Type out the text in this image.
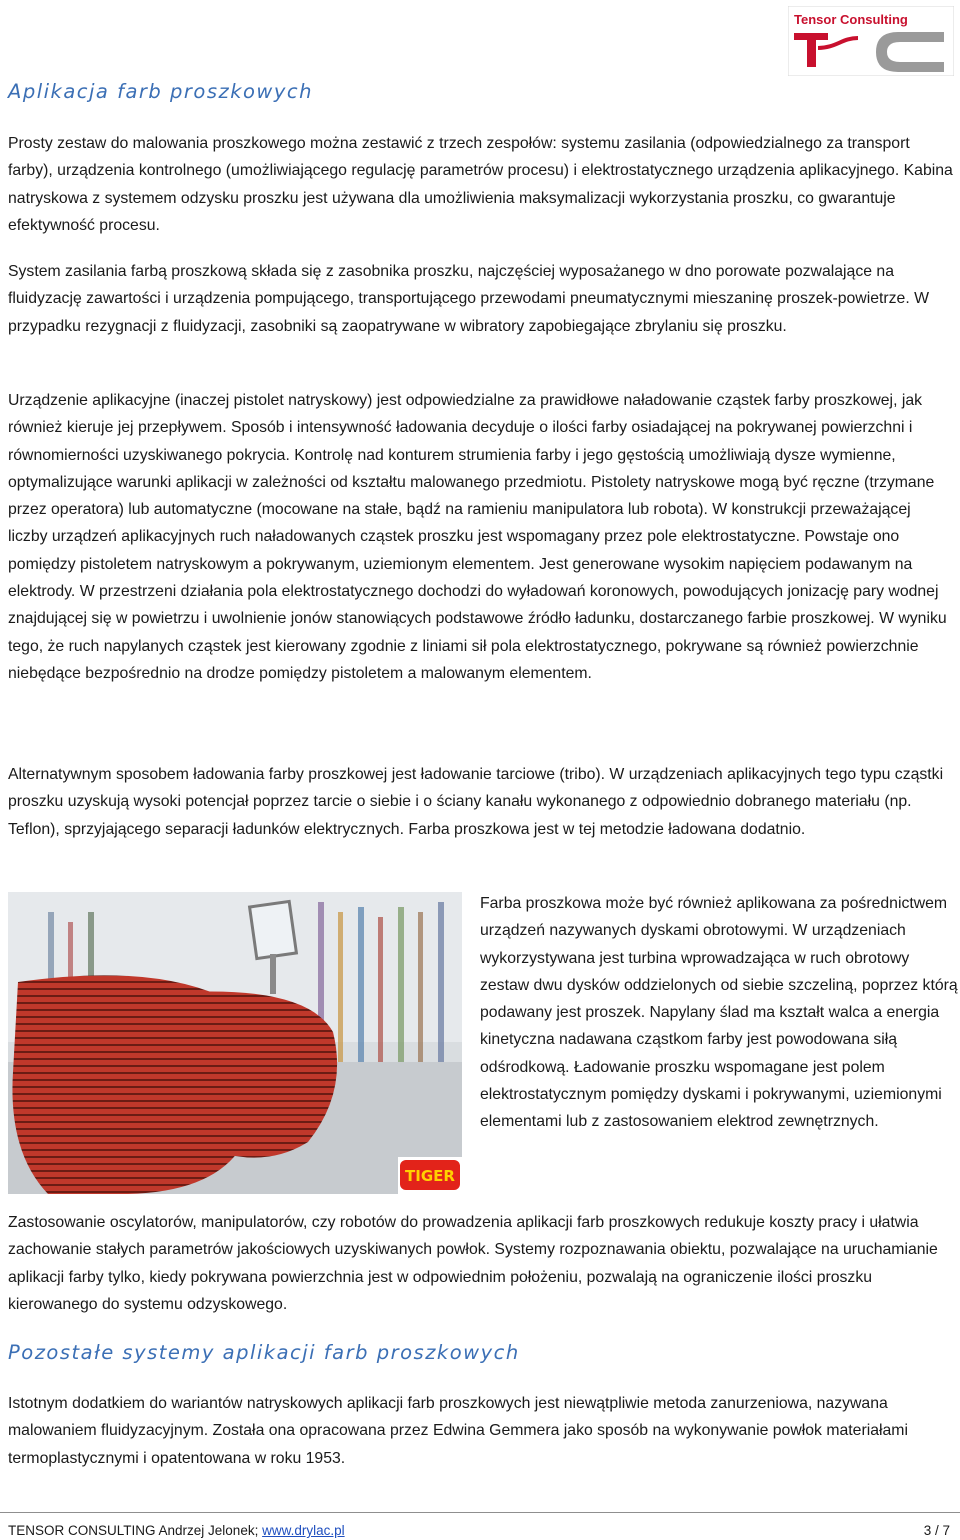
Tensor Consulting
Aplikacja farb proszkowych

Prosty zestaw do malowania proszkowego można zestawić z trzech zespołów: systemu zasilania (odpowiedzialnego za transport farby), urządzenia kontrolnego (umożliwiającego regulację parametrów procesu) i elektrostatycznego urządzenia aplikacyjnego. Kabina natryskowa z systemem odzysku proszku jest używana dla umożliwienia maksymalizacji wykorzystania proszku, co gwarantuje efektywność procesu.

System zasilania farbą proszkową składa się z zasobnika proszku, najczęściej wyposażanego w dno porowate pozwalające na fluidyzację zawartości i urządzenia pompującego, transportującego przewodami pneumatycznymi mieszaninę proszek-powietrze. W przypadku rezygnacji z fluidyzacji, zasobniki są zaopatrywane w wibratory zapobiegające zbrylaniu się proszku.

Urządzenie aplikacyjne (inaczej pistolet natryskowy) jest odpowiedzialne za prawidłowe naładowanie cząstek farby proszkowej, jak również kieruje jej przepływem. Sposób i intensywność ładowania decyduje o ilości farby osiadającej na pokrywanej powierzchni i równomierności uzyskiwanego pokrycia. Kontrolę nad konturem strumienia farby i jego gęstością umożliwiają dysze wymienne, optymalizujące warunki aplikacji w zależności od kształtu malowanego przedmiotu. Pistolety natryskowe mogą być ręczne (trzymane przez operatora) lub automatyczne (mocowane na stałe, bądź na ramieniu manipulatora lub robota). W konstrukcji przeważającej liczby urządzeń aplikacyjnych ruch naładowanych cząstek proszku jest wspomagany przez pole elektrostatyczne. Powstaje ono pomiędzy pistoletem natryskowym a pokrywanym, uziemionym elementem. Jest generowane wysokim napięciem podawanym na elektrody. W przestrzeni działania pola elektrostatycznego dochodzi do wyładowań koronowych, powodujących jonizację pary wodnej znajdującej się w powietrzu i uwolnienie jonów stanowiących podstawowe źródło ładunku, dostarczanego farbie proszkowej. W wyniku tego, że ruch napylanych cząstek jest kierowany zgodnie z liniami sił pola elektrostatycznego, pokrywane są również powierzchnie niebędące bezpośrednio na drodze pomiędzy pistoletem a malowanym elementem.

Alternatywnym sposobem ładowania farby proszkowej jest ładowanie tarciowe (tribo). W urządzeniach aplikacyjnych tego typu cząstki proszku uzyskują wysoki potencjał poprzez tarcie o siebie i o ściany kanału wykonanego z odpowiednio dobranego materiału (np. Teflon), sprzyjającego separacji ładunków elektrycznych. Farba proszkowa jest w tej metodzie ładowana dodatnio.

TIGER

Farba proszkowa może być również aplikowana za pośrednictwem urządzeń nazywanych dyskami obrotowymi. W urządzeniach wykorzystywana jest turbina wprowadzająca w ruch obrotowy zestaw dwu dysków oddzielonych od siebie szczeliną, poprzez którą podawany jest proszek. Napylany ślad ma kształt walca a energia kinetyczna nadawana cząstkom farby jest powodowana siłą odśrodkową. Ładowanie proszku wspomagane jest polem elektrostatycznym pomiędzy dyskami i pokrywanymi, uziemionymi elementami lub z zastosowaniem elektrod zewnętrznych.

Zastosowanie oscylatorów, manipulatorów, czy robotów do prowadzenia aplikacji farb proszkowych redukuje koszty pracy i ułatwia zachowanie stałych parametrów jakościowych uzyskiwanych powłok. Systemy rozpoznawania obiektu, pozwalające na uruchamianie aplikacji farby tylko, kiedy pokrywana powierzchnia jest w odpowiednim położeniu, pozwalają na ograniczenie ilości proszku kierowanego do systemu odzyskowego.

Pozostałe systemy aplikacji farb proszkowych

Istotnym dodatkiem do wariantów natryskowych aplikacji farb proszkowych jest niewątpliwie metoda zanurzeniowa, nazywana malowaniem fluidyzacyjnym. Została ona opracowana przez Edwina Gemmera jako sposób na wykonywanie powłok materiałami termoplastycznymi i opatentowana w roku 1953.

TENSOR CONSULTING Andrzej Jelonek; www.drylac.pl	3 / 7
